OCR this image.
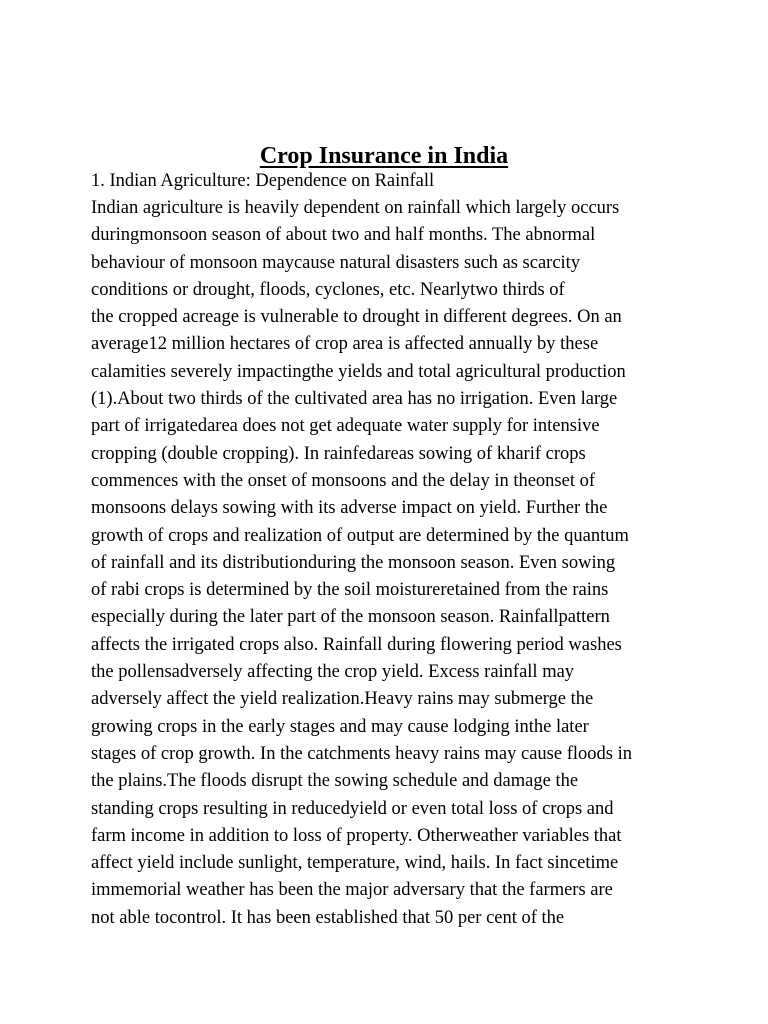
Crop Insurance in India
1. Indian Agriculture: Dependence on Rainfall
Indian agriculture is heavily dependent on rainfall which largely occurs
duringmonsoon season of about two and half months. The abnormal
behaviour of monsoon maycause natural disasters such as scarcity
conditions or drought, floods, cyclones, etc. Nearlytwo thirds of
the cropped acreage is vulnerable to drought in different degrees. On an
average12 million hectares of crop area is affected annually by these
calamities severely impactingthe yields and total agricultural production
(1).About two thirds of the cultivated area has no irrigation. Even large
part of irrigatedarea does not get adequate water supply for intensive
cropping (double cropping). In rainfedareas sowing of kharif crops
commences with the onset of monsoons and the delay in theonset of
monsoons delays sowing with its adverse impact on yield. Further the
growth of crops and realization of output are determined by the quantum
of rainfall and its distributionduring the monsoon season. Even sowing
of rabi crops is determined by the soil moistureretained from the rains
especially during the later part of the monsoon season. Rainfallpattern
affects the irrigated crops also. Rainfall during flowering period washes
the pollensadversely affecting the crop yield. Excess rainfall may
adversely affect the yield realization.Heavy rains may submerge the
growing crops in the early stages and may cause lodging inthe later
stages of crop growth. In the catchments heavy rains may cause floods in
the plains.The floods disrupt the sowing schedule and damage the
standing crops resulting in reducedyield or even total loss of crops and
farm income in addition to loss of property. Otherweather variables that
affect yield include sunlight, temperature, wind, hails. In fact sincetime
immemorial weather has been the major adversary that the farmers are
not able tocontrol. It has been established that 50 per cent of the
